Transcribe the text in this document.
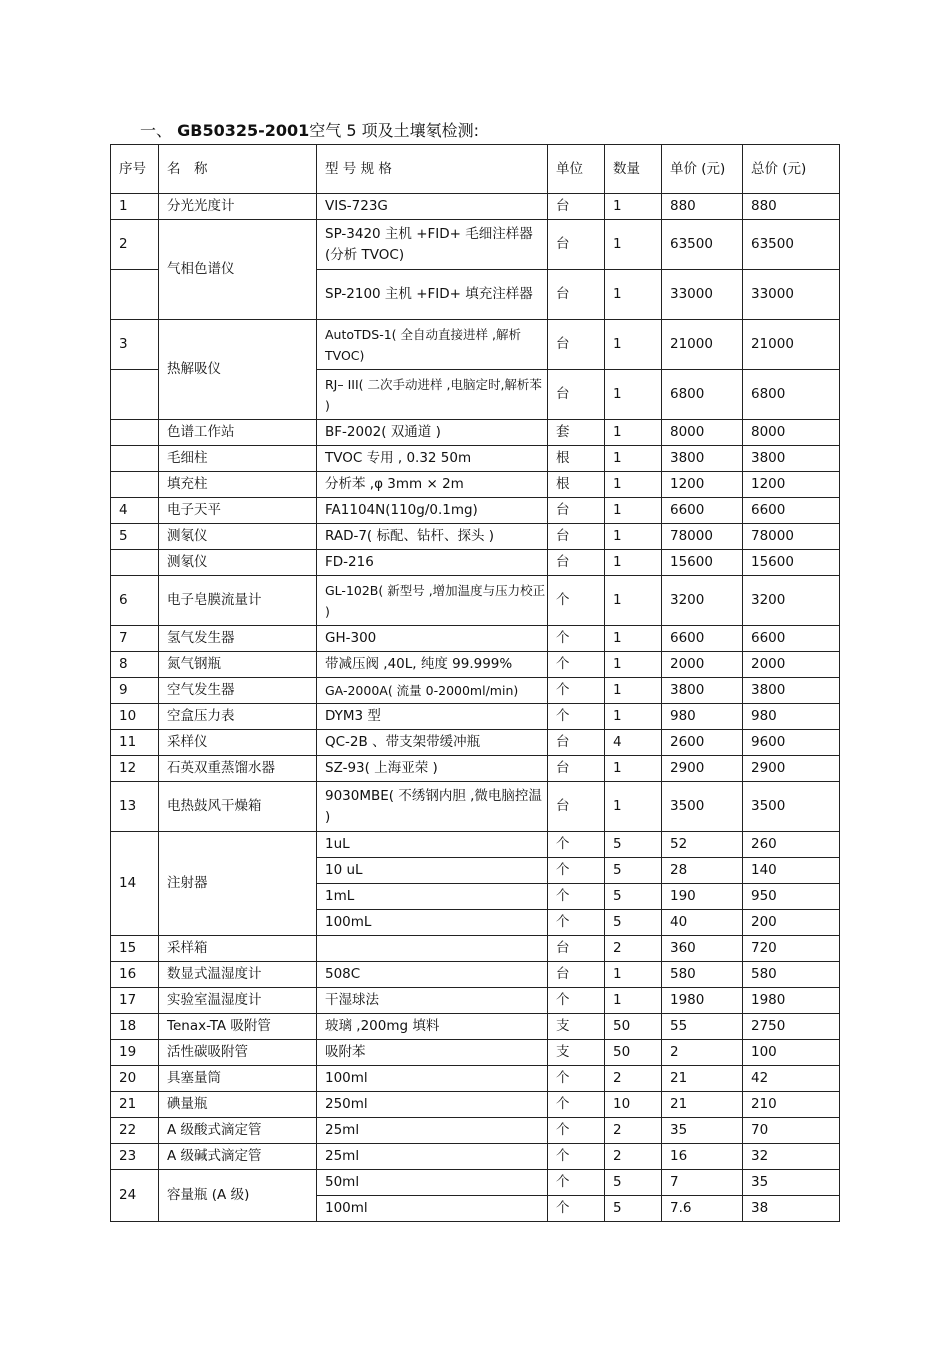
一、 GB50325-2001空气 5 项及土壤氡检测:
序号	名　称	型 号 规 格	单位	数量	单价 (元)	总价 (元)
1	分光光度计	VIS-723G	台	1	880	880
2	气相色谱仪	SP-3420 主机 +FID+ 毛细注样器(分析 TVOC)	台	1	63500	63500
		SP-2100 主机 +FID+ 填充注样器	台	1	33000	33000
3	热解吸仪	AutoTDS-1( 全自动直接进样 ,解析 TVOC)	台	1	21000	21000
		RJ– III( 二次手动进样 ,电脑定时,解析苯 )	台	1	6800	6800
	色谱工作站	BF-2002( 双通道 )	套	1	8000	8000
	毛细柱	TVOC 专用 , 0.32 50m	根	1	3800	3800
	填充柱	分析苯 ,φ 3mm × 2m	根	1	1200	1200
4	电子天平	FA1104N(110g/0.1mg)	台	1	6600	6600
5	测氡仪	RAD-7( 标配、钻杆、探头 )	台	1	78000	78000
	测氡仪	FD-216	台	1	15600	15600
6	电子皂膜流量计	GL-102B( 新型号 ,增加温度与压力校正 )	个	1	3200	3200
7	氢气发生器	GH-300	个	1	6600	6600
8	氮气钢瓶	带减压阀 ,40L, 纯度 99.999%	个	1	2000	2000
9	空气发生器	GA-2000A( 流量 0-2000ml/min)	个	1	3800	3800
10	空盒压力表	DYM3 型	个	1	980	980
11	采样仪	QC-2B 、带支架带缓冲瓶	台	4	2600	9600
12	石英双重蒸馏水器	SZ-93( 上海亚荣 )	台	1	2900	2900
13	电热鼓风干燥箱	9030MBE( 不绣钢内胆 ,微电脑控温 )	台	1	3500	3500
14	注射器	1uL	个	5	52	260
		10 uL	个	5	28	140
		1mL	个	5	190	950
		100mL	个	5	40	200
15	采样箱		台	2	360	720
16	数显式温湿度计	508C	台	1	580	580
17	实验室温湿度计	干湿球法	个	1	1980	1980
18	Tenax-TA 吸附管	玻璃 ,200mg 填料	支	50	55	2750
19	活性碳吸附管	吸附苯	支	50	2	100
20	具塞量筒	100ml	个	2	21	42
21	碘量瓶	250ml	个	10	21	210
22	A 级酸式滴定管	25ml	个	2	35	70
23	A 级碱式滴定管	25ml	个	2	16	32
24	容量瓶 (A 级)	50ml	个	5	7	35
		100ml	个	5	7.6	38
